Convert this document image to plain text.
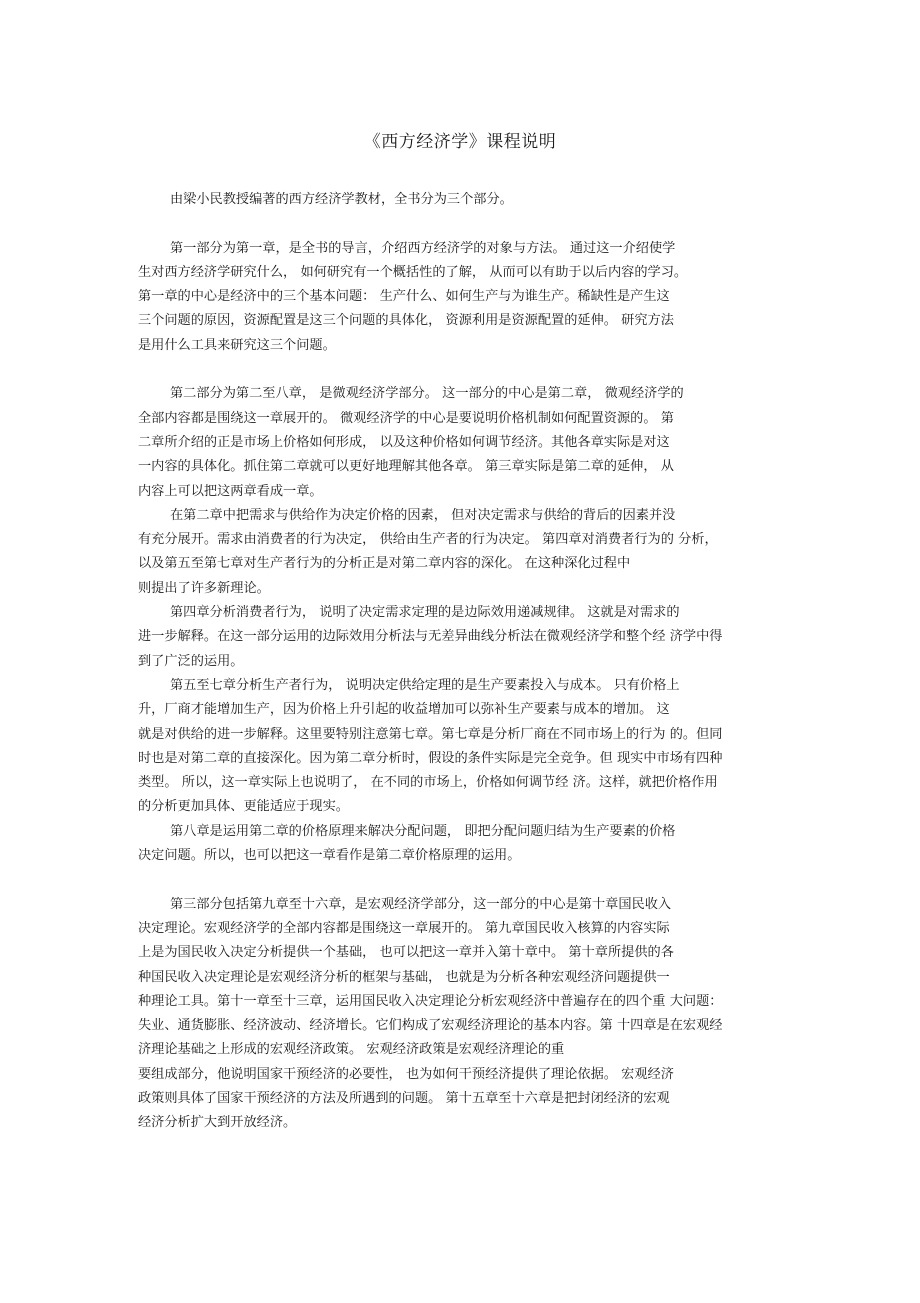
《西方经济学》课程说明
由梁小民教授编著的西方经济学教材，全书分为三个部分。
第一部分为第一章，是全书的导言，介绍西方经济学的对象与方法。 通过这一介绍使学
生对西方经济学研究什么， 如何研究有一个概括性的了解， 从而可以有助于以后内容的学习。
第一章的中心是经济中的三个基本问题： 生产什么、如何生产与为谁生产。稀缺性是产生这
三个问题的原因，资源配置是这三个问题的具体化， 资源利用是资源配置的延伸。 研究方法
是用什么工具来研究这三个问题。
第二部分为第二至八章， 是微观经济学部分。 这一部分的中心是第二章， 微观经济学的
全部内容都是围绕这一章展开的。 微观经济学的中心是要说明价格机制如何配置资源的。 第
二章所介绍的正是市场上价格如何形成， 以及这种价格如何调节经济。其他各章实际是对这
一内容的具体化。抓住第二章就可以更好地理解其他各章。 第三章实际是第二章的延伸， 从
内容上可以把这两章看成一章。
在第二章中把需求与供给作为决定价格的因素， 但对决定需求与供给的背后的因素并没
有充分展开。需求由消费者的行为决定， 供给由生产者的行为决定。 第四章对消费者行为的 分析，
以及第五至第七章对生产者行为的分析正是对第二章内容的深化。 在这种深化过程中
则提出了许多新理论。
第四章分析消费者行为， 说明了决定需求定理的是边际效用递减规律。 这就是对需求的
进一步解释。在这一部分运用的边际效用分析法与无差异曲线分析法在微观经济学和整个经 济学中得
到了广泛的运用。
第五至七章分析生产者行为， 说明决定供给定理的是生产要素投入与成本。 只有价格上
升，厂商才能增加生产，因为价格上升引起的收益增加可以弥补生产要素与成本的增加。 这
就是对供给的进一步解释。这里要特别注意第七章。第七章是分析厂商在不同市场上的行为 的。但同
时也是对第二章的直接深化。因为第二章分析时，假设的条件实际是完全竞争。但 现实中市场有四种
类型。 所以，这一章实际上也说明了， 在不同的市场上，价格如何调节经 济。这样，就把价格作用
的分析更加具体、更能适应于现实。
第八章是运用第二章的价格原理来解决分配问题， 即把分配问题归结为生产要素的价格
决定问题。所以，也可以把这一章看作是第二章价格原理的运用。
第三部分包括第九章至十六章，是宏观经济学部分，这一部分的中心是第十章国民收入
决定理论。宏观经济学的全部内容都是围绕这一章展开的。 第九章国民收入核算的内容实际
上是为国民收入决定分析提供一个基础， 也可以把这一章并入第十章中。 第十章所提供的各
种国民收入决定理论是宏观经济分析的框架与基础， 也就是为分析各种宏观经济问题提供一
种理论工具。第十一章至十三章，运用国民收入决定理论分析宏观经济中普遍存在的四个重 大问题：
失业、通货膨胀、经济波动、经济增长。它们构成了宏观经济理论的基本内容。第 十四章是在宏观经
济理论基础之上形成的宏观经济政策。 宏观经济政策是宏观经济理论的重
要组成部分，他说明国家干预经济的必要性， 也为如何干预经济提供了理论依据。 宏观经济
政策则具体了国家干预经济的方法及所遇到的问题。 第十五章至十六章是把封闭经济的宏观
经济分析扩大到开放经济。
